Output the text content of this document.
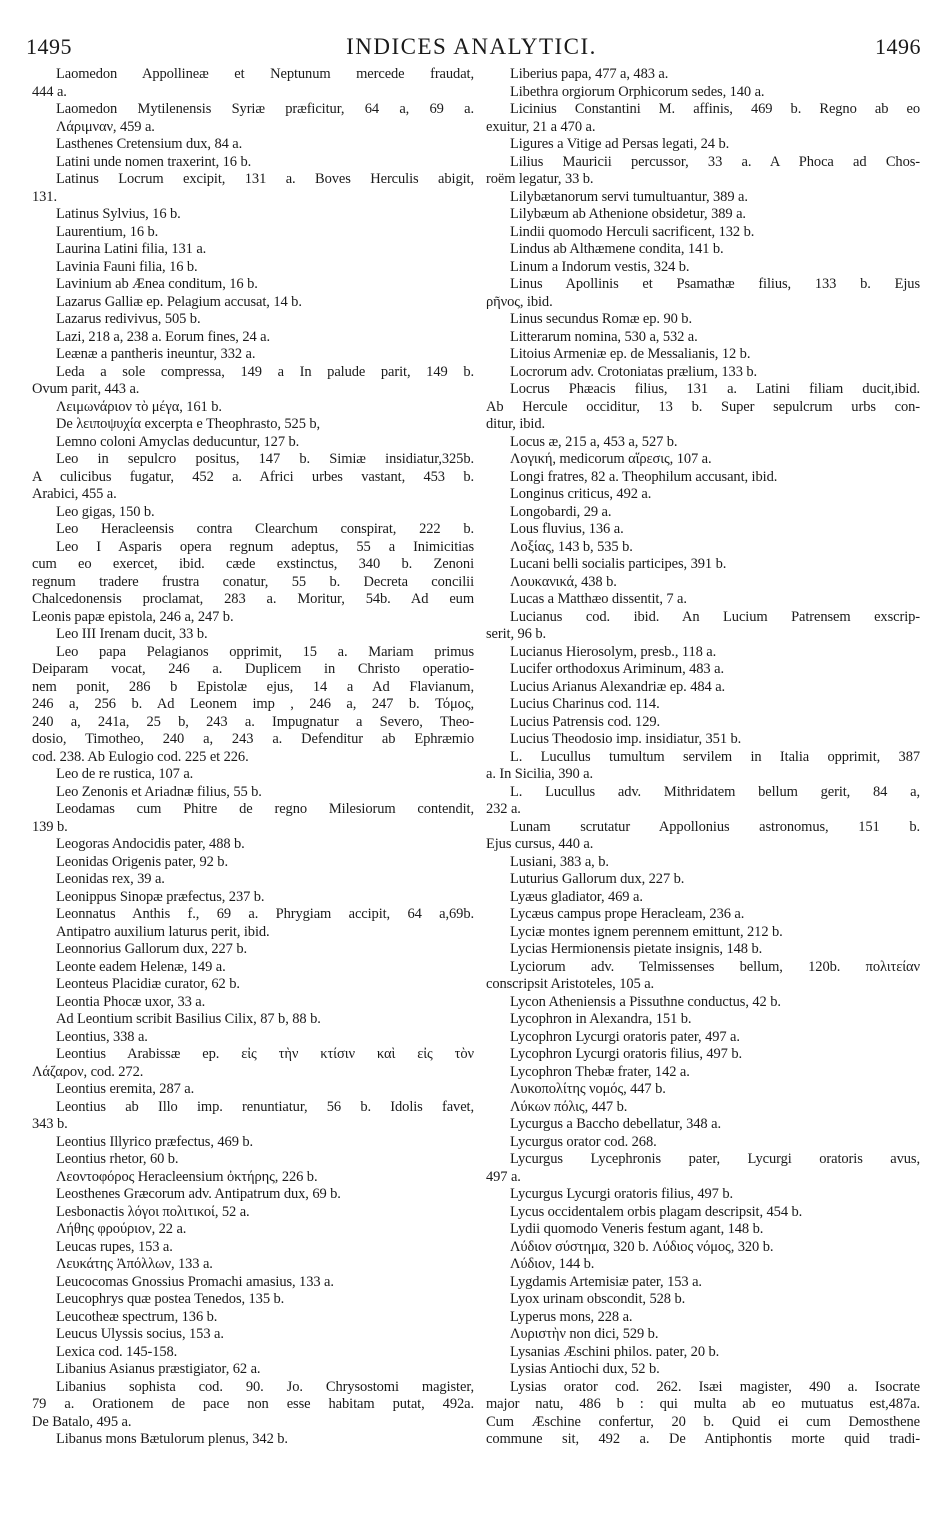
1495	INDICES ANALYTICI.	1496
Laomedon Appollineæ et Neptunum mercede fraudat,
444 a.
Laomedon Mytilenensis Syriæ præficitur, 64 a, 69 a.
Λάριμναν, 459 a.
Lasthenes Cretensium dux, 84 a.
Latini unde nomen traxerint, 16 b.
Latinus Locrum excipit, 131 a. Boves Herculis abigit,
131.
Latinus Sylvius, 16 b.
Laurentium, 16 b.
Laurina Latini filia, 131 a.
Lavinia Fauni filia, 16 b.
Lavinium ab Ænea conditum, 16 b.
Lazarus Galliæ ep. Pelagium accusat, 14 b.
Lazarus redivivus, 505 b.
Lazi, 218 a, 238 a. Eorum fines, 24 a.
Leænæ a pantheris ineuntur, 332 a.
Leda a sole compressa, 149 a In palude parit, 149 b.
Ovum parit, 443 a.
Λειμωνάριον τὸ μέγα, 161 b.
De λειποψυχία excerpta e Theophrasto, 525 b,
Lemno coloni Amyclas deducuntur, 127 b.
Leo in sepulcro positus, 147 b. Simiæ insidiatur,325b.
A culicibus fugatur, 452 a. Africi urbes vastant, 453 b.
Arabici, 455 a.
Leo gigas, 150 b.
Leo Heracleensis contra Clearchum conspirat, 222 b.
Leo I Asparis opera regnum adeptus, 55 a Inimicitias
cum eo exercet, ibid. cæde exstinctus, 340 b. Zenoni
regnum tradere frustra conatur, 55 b. Decreta concilii
Chalcedonensis proclamat, 283 a. Moritur, 54b. Ad eum
Leonis papæ epistola, 246 a, 247 b.
Leo III Irenam ducit, 33 b.
Leo papa Pelagianos opprimit, 15 a. Mariam primus
Deiparam vocat, 246 a. Duplicem in Christo operatio-
nem ponit, 286 b Epistolæ ejus, 14 a Ad Flavianum,
246 a, 256 b. Ad Leonem imp , 246 a, 247 b. Τόμος,
240 a, 241a, 25 b, 243 a. Impugnatur a Severo, Theo-
dosio, Timotheo, 240 a, 243 a. Defenditur ab Ephræmio
cod. 238. Ab Eulogio cod. 225 et 226.
Leo de re rustica, 107 a.
Leo Zenonis et Ariadnæ filius, 55 b.
Leodamas cum Phitre de regno Milesiorum contendit,
139 b.
Leogoras Andocidis pater, 488 b.
Leonidas Origenis pater, 92 b.
Leonidas rex, 39 a.
Leonippus Sinopæ præfectus, 237 b.
Leonnatus Anthis f., 69 a. Phrygiam accipit, 64 a,69b.
Antipatro auxilium laturus perit, ibid.
Leonnorius Gallorum dux, 227 b.
Leonte eadem Helenæ, 149 a.
Leonteus Placidiæ curator, 62 b.
Leontia Phocæ uxor, 33 a.
Ad Leontium scribit Basilius Cilix, 87 b, 88 b.
Leontius, 338 a.
Leontius Arabissæ ep. εἰς τὴν κτίσιν καὶ εἰς τὸν
Λάζαρον, cod. 272.
Leontius eremita, 287 a.
Leontius ab Illo imp. renuntiatur, 56 b. Idolis favet,
343 b.
Leontius Illyrico præfectus, 469 b.
Leontius rhetor, 60 b.
Λεοντοφόρος Heracleensium ὀκτήρης, 226 b.
Leosthenes Græcorum adv. Antipatrum dux, 69 b.
Lesbonactis λόγοι πολιτικοί, 52 a.
Λήθης φρούριον, 22 a.
Leucas rupes, 153 a.
Λευκάτης Ἀπόλλων, 133 a.
Leucocomas Gnossius Promachi amasius, 133 a.
Leucophrys quæ postea Tenedos, 135 b.
Leucotheæ spectrum, 136 b.
Leucus Ulyssis socius, 153 a.
Lexica cod. 145-158.
Libanius Asianus præstigiator, 62 a.
Libanius sophista cod. 90. Jo. Chrysostomi magister,
79 a. Orationem de pace non esse habitam putat, 492a.
De Batalo, 495 a.
Libanus mons Bætulorum plenus, 342 b.
Liberius papa, 477 a, 483 a.
Libethra orgiorum Orphicorum sedes, 140 a.
Licinius Constantini M. affinis, 469 b. Regno ab eo
exuitur, 21 a 470 a.
Ligures a Vitige ad Persas legati, 24 b.
Lilius Mauricii percussor, 33 a. A Phoca ad Chos-
roëm legatur, 33 b.
Lilybætanorum servi tumultuantur, 389 a.
Lilybæum ab Athenione obsidetur, 389 a.
Lindii quomodo Herculi sacrificent, 132 b.
Lindus ab Althæmene condita, 141 b.
Linum a Indorum vestis, 324 b.
Linus Apollinis et Psamathæ filius, 133 b. Ejus
ρῆνος, ibid.
Linus secundus Romæ ep. 90 b.
Litterarum nomina, 530 a, 532 a.
Litoius Armeniæ ep. de Messalianis, 12 b.
Locrorum adv. Crotoniatas prælium, 133 b.
Locrus Phæacis filius, 131 a. Latini filiam ducit,ibid.
Ab Hercule occiditur, 13 b. Super sepulcrum urbs con-
ditur, ibid.
Locus æ, 215 a, 453 a, 527 b.
Λογική, medicorum αἵρεσις, 107 a.
Longi fratres, 82 a. Theophilum accusant, ibid.
Longinus criticus, 492 a.
Longobardi, 29 a.
Lous fluvius, 136 a.
Λοξίας, 143 b, 535 b.
Lucani belli socialis participes, 391 b.
Λουκανικά, 438 b.
Lucas a Matthæo dissentit, 7 a.
Lucianus cod. ibid. An Lucium Patrensem exscrip-
serit, 96 b.
Lucianus Hierosolym, presb., 118 a.
Lucifer orthodoxus Ariminum, 483 a.
Lucius Arianus Alexandriæ ep. 484 a.
Lucius Charinus cod. 114.
Lucius Patrensis cod. 129.
Lucius Theodosio imp. insidiatur, 351 b.
L. Lucullus tumultum servilem in Italia opprimit, 387
a. In Sicilia, 390 a.
L. Lucullus adv. Mithridatem bellum gerit, 84 a,
232 a.
Lunam scrutatur Appollonius astronomus, 151 b.
Ejus cursus, 440 a.
Lusiani, 383 a, b.
Luturius Gallorum dux, 227 b.
Lyæus gladiator, 469 a.
Lycæus campus prope Heracleam, 236 a.
Lyciæ montes ignem perennem emittunt, 212 b.
Lycias Hermionensis pietate insignis, 148 b.
Lyciorum adv. Telmissenses bellum, 120b. πολιτείαν
conscripsit Aristoteles, 105 a.
Lycon Atheniensis a Pissuthne conductus, 42 b.
Lycophron in Alexandra, 151 b.
Lycophron Lycurgi oratoris pater, 497 a.
Lycophron Lycurgi oratoris filius, 497 b.
Lycophron Thebæ frater, 142 a.
Λυκοπολίτης νομός, 447 b.
Λύκων πόλις, 447 b.
Lycurgus a Baccho debellatur, 348 a.
Lycurgus orator cod. 268.
Lycurgus Lycephronis pater, Lycurgi oratoris avus,
497 a.
Lycurgus Lycurgi oratoris filius, 497 b.
Lycus occidentalem orbis plagam descripsit, 454 b.
Lydii quomodo Veneris festum agant, 148 b.
Λύδιον σύστημα, 320 b. Λύδιος νόμος, 320 b.
Λύδιον, 144 b.
Lygdamis Artemisiæ pater, 153 a.
Lyox urinam obscondit, 528 b.
Lyperus mons, 228 a.
Λυριστὴν non dici, 529 b.
Lysanias Æschini philos. pater, 20 b.
Lysias Antiochi dux, 52 b.
Lysias orator cod. 262. Isæi magister, 490 a. Isocrate
major natu, 486 b : qui multa ab eo mutuatus est,487a.
Cum Æschine confertur, 20 b. Quid ei cum Demosthene
commune sit, 492 a. De Antiphontis morte quid tradi-
